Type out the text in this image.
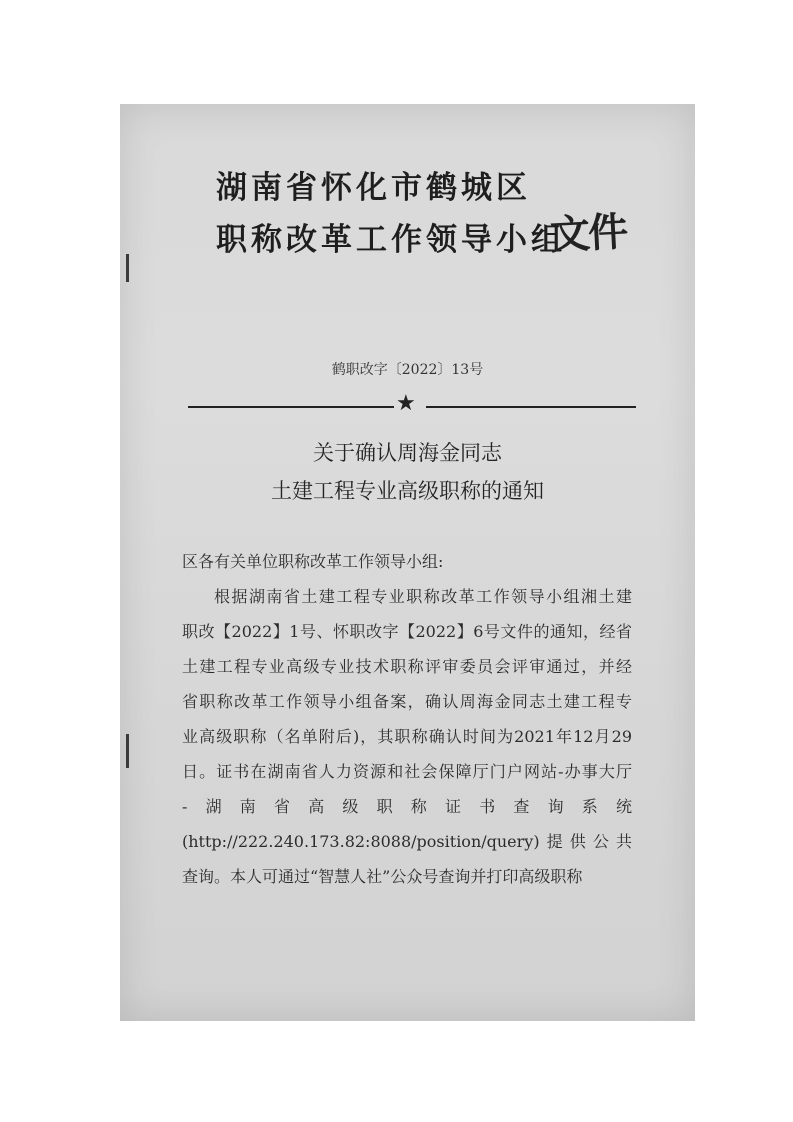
湖南省怀化市鹤城区
职称改革工作领导小组
文件
鹤职改字〔2022〕13号
★
关于确认周海金同志
土建工程专业高级职称的通知

区各有关单位职称改革工作领导小组:

根据湖南省土建工程专业职称改革工作领导小组湘土建

职改【2022】1号、怀职改字【2022】6号文件的通知，经省

土建工程专业高级专业技术职称评审委员会评审通过，并经

省职称改革工作领导小组备案，确认周海金同志土建工程专

业高级职称（名单附后)，其职称确认时间为2021年12月29

日。证书在湖南省人力资源和社会保障厅门户网站-办事大厅

-湖南省高级职称证书查询系统

(http://222.240.173.82:8088/position/query)提供公共

查询。本人可通过“智慧人社”公众号查询并打印高级职称
